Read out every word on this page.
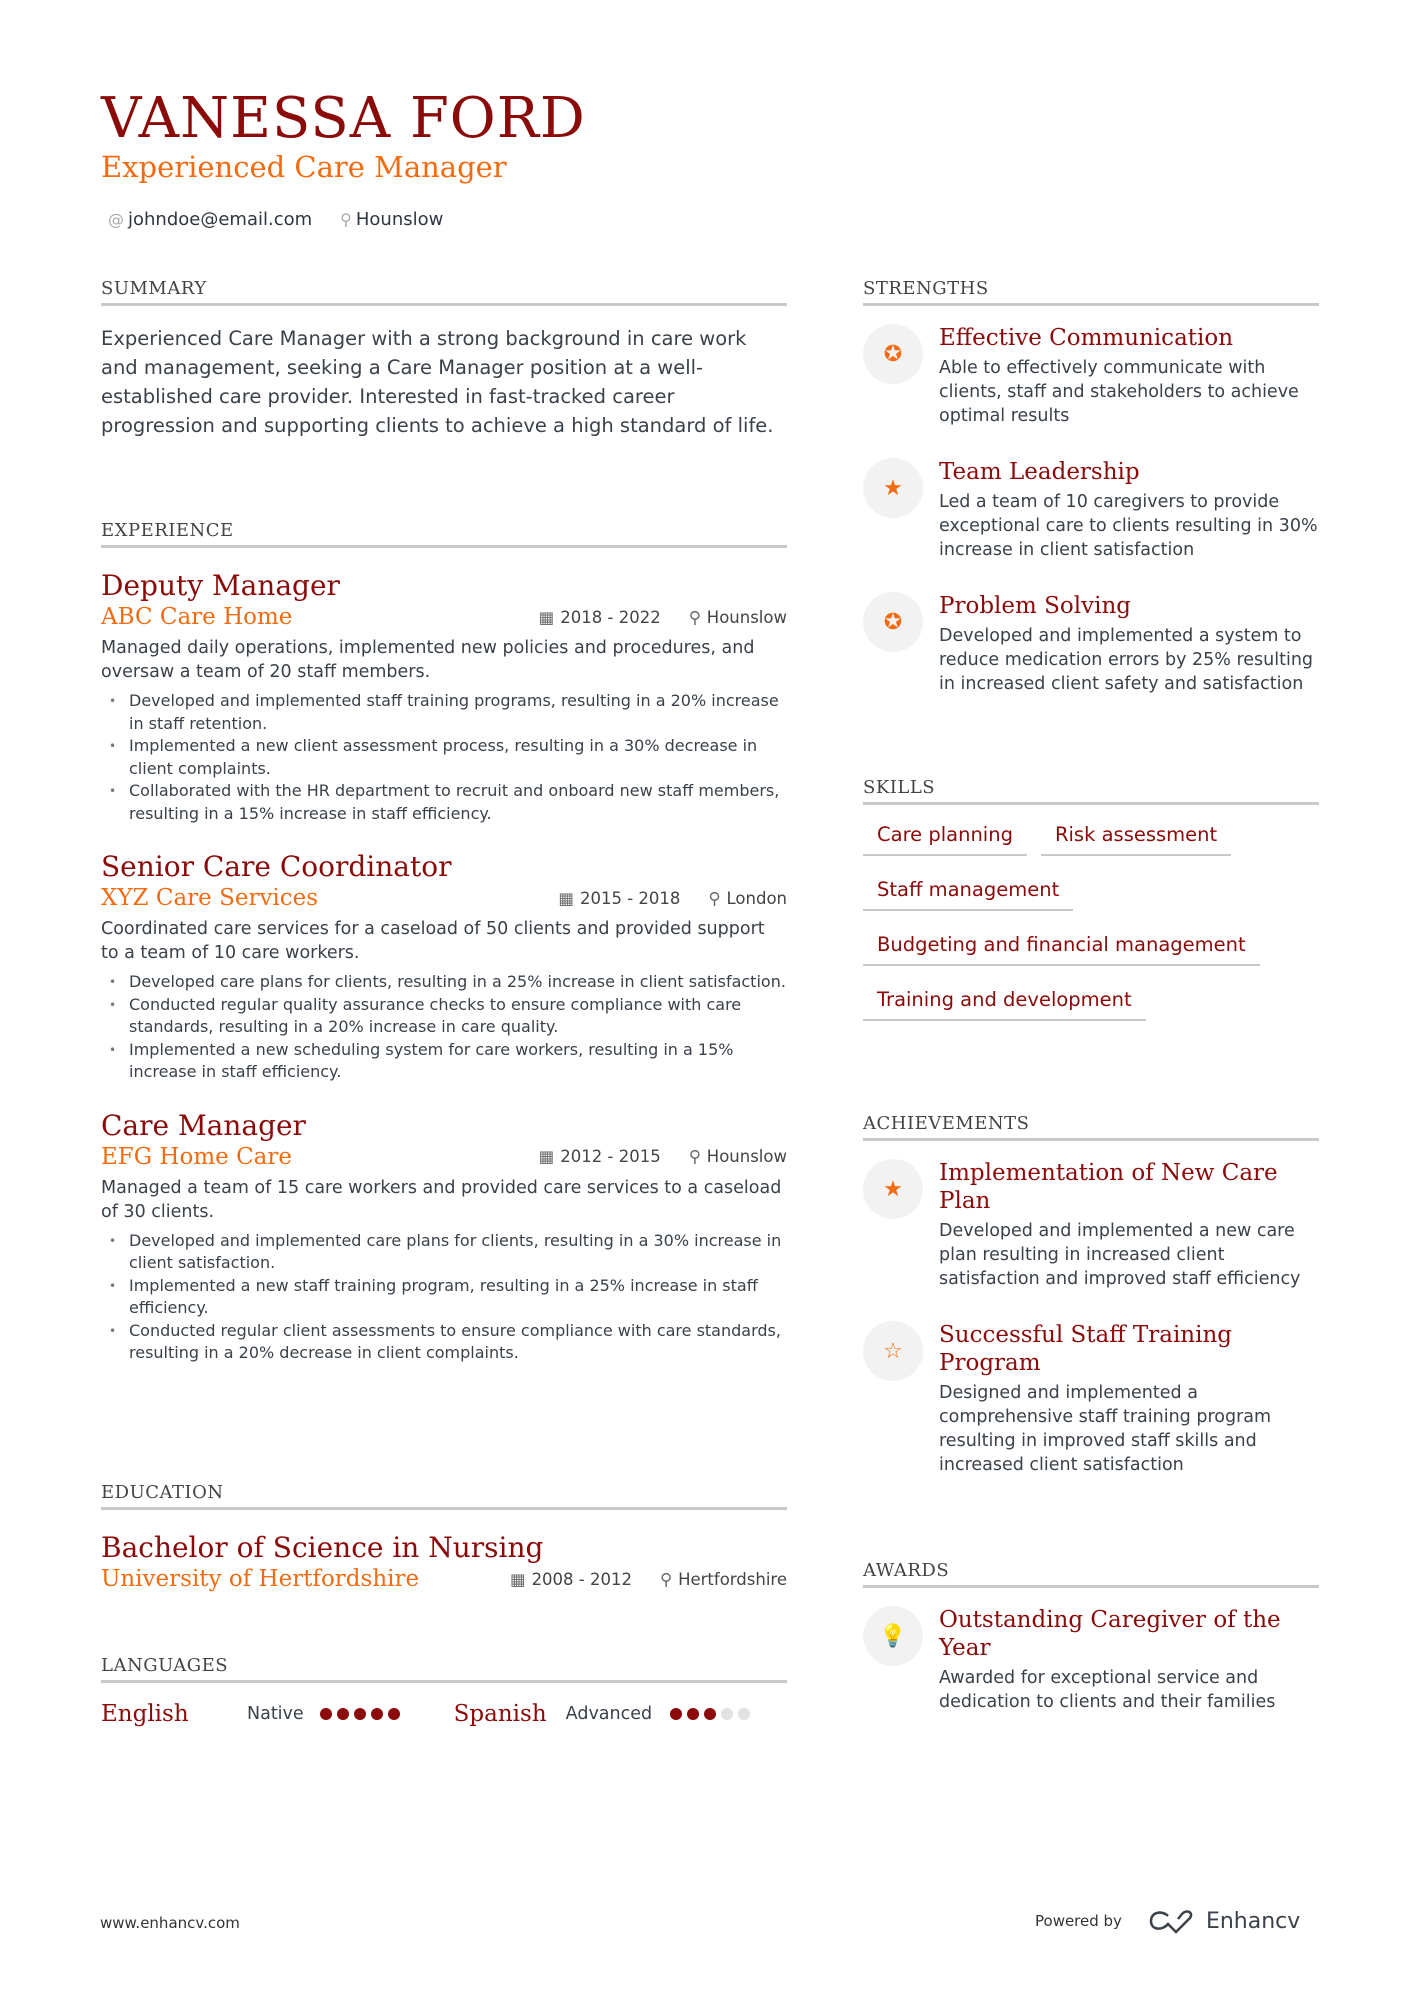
VANESSA FORD
Experienced Care Manager
@ johndoe@email.com ⚲ Hounslow
SUMMARY
Experienced Care Manager with a strong background in care work and management, seeking a Care Manager position at a well-established care provider. Interested in fast-tracked career progression and supporting clients to achieve a high standard of life.
EXPERIENCE
Deputy Manager
ABC Care Home	▦ 2018 - 2022 ⚲ Hounslow
Managed daily operations, implemented new policies and procedures, and oversaw a team of 20 staff members.
• Developed and implemented staff training programs, resulting in a 20% increase in staff retention.
• Implemented a new client assessment process, resulting in a 30% decrease in client complaints.
• Collaborated with the HR department to recruit and onboard new staff members, resulting in a 15% increase in staff efficiency.
Senior Care Coordinator
XYZ Care Services	▦ 2015 - 2018 ⚲ London
Coordinated care services for a caseload of 50 clients and provided support to a team of 10 care workers.
• Developed care plans for clients, resulting in a 25% increase in client satisfaction.
• Conducted regular quality assurance checks to ensure compliance with care standards, resulting in a 20% increase in care quality.
• Implemented a new scheduling system for care workers, resulting in a 15% increase in staff efficiency.
Care Manager
EFG Home Care	▦ 2012 - 2015 ⚲ Hounslow
Managed a team of 15 care workers and provided care services to a caseload of 30 clients.
• Developed and implemented care plans for clients, resulting in a 30% increase in client satisfaction.
• Implemented a new staff training program, resulting in a 25% increase in staff efficiency.
• Conducted regular client assessments to ensure compliance with care standards, resulting in a 20% decrease in client complaints.
EDUCATION
Bachelor of Science in Nursing
University of Hertfordshire	▦ 2008 - 2012 ⚲ Hertfordshire
LANGUAGES
English	Native	Spanish	Advanced
STRENGTHS
✪
Effective Communication
Able to effectively communicate with clients, staff and stakeholders to achieve optimal results
★
Team Leadership
Led a team of 10 caregivers to provide exceptional care to clients resulting in 30% increase in client satisfaction
✪
Problem Solving
Developed and implemented a system to reduce medication errors by 25% resulting in increased client safety and satisfaction
SKILLS
Care planning	Risk assessment
Staff management
Budgeting and financial management
Training and development
ACHIEVEMENTS
★
Implementation of New Care Plan
Developed and implemented a new care plan resulting in increased client satisfaction and improved staff efficiency
☆
Successful Staff Training Program
Designed and implemented a comprehensive staff training program resulting in improved staff skills and increased client satisfaction
AWARDS
💡
Outstanding Caregiver of the Year
Awarded for exceptional service and dedication to clients and their families
www.enhancv.com	Powered by	Enhancv
